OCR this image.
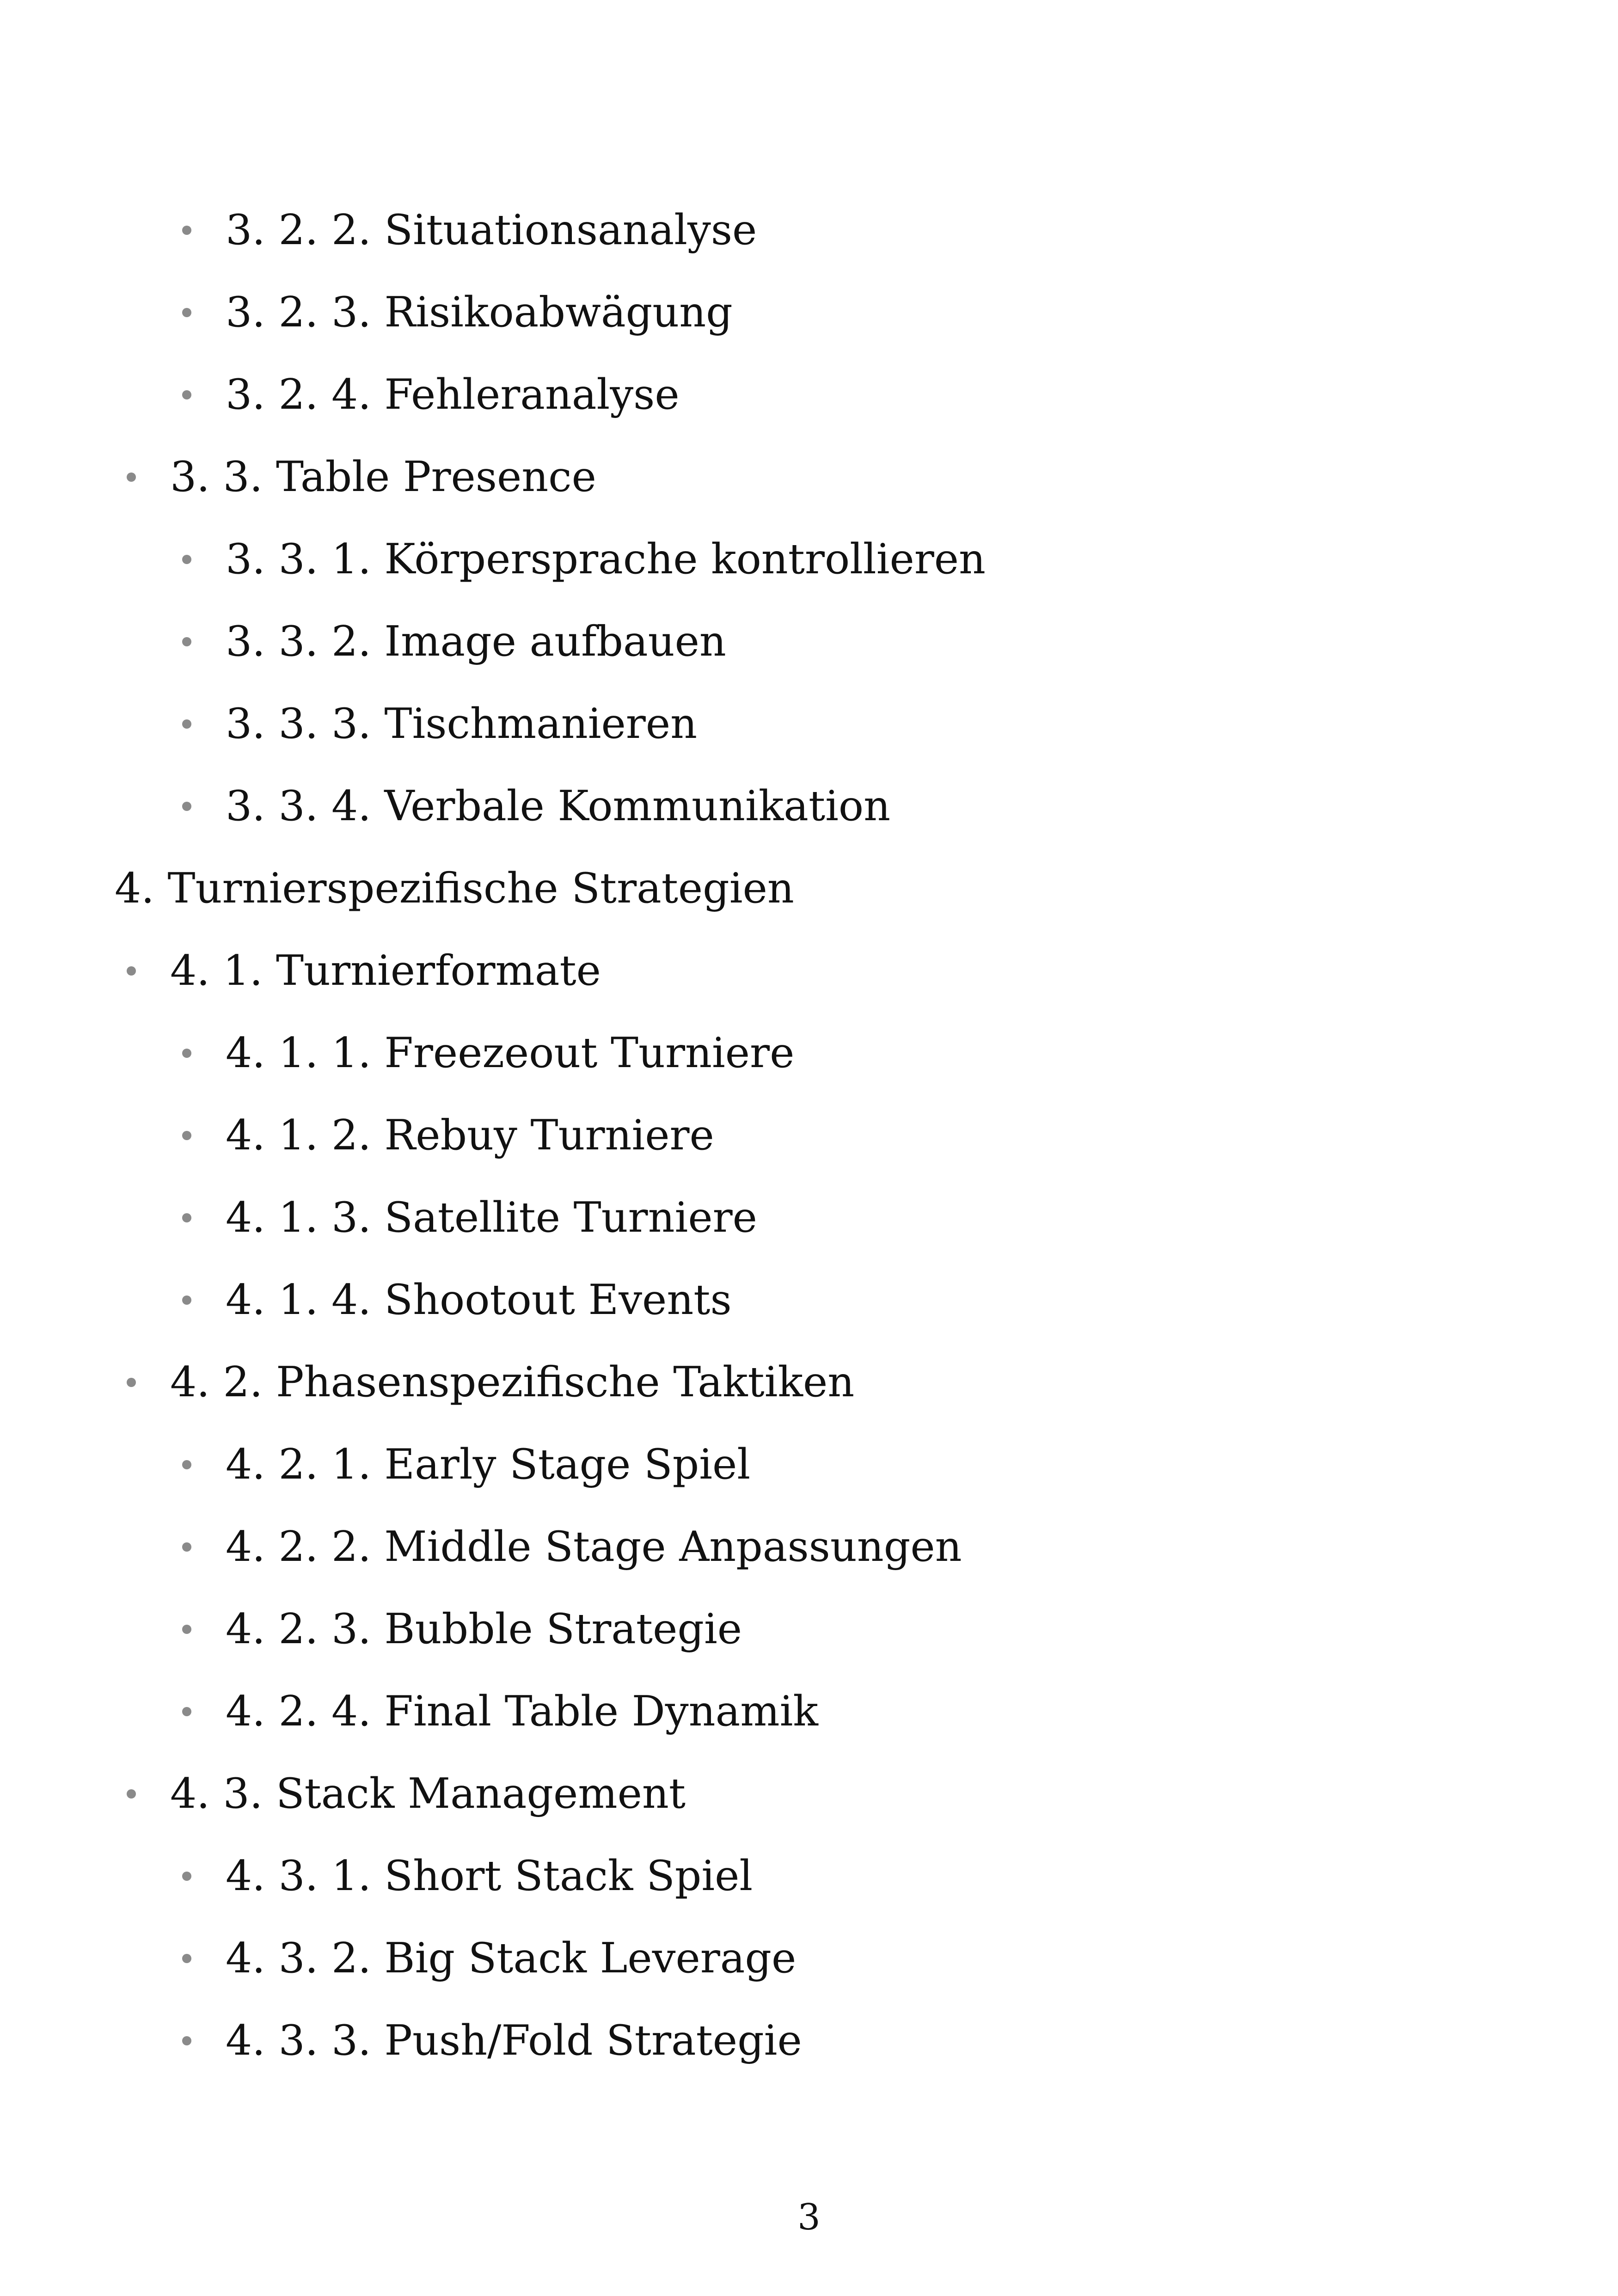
3. 2. 2. Situationsanalyse
3. 2. 3. Risikoabwägung
3. 2. 4. Fehleranalyse
3. 3. Table Presence
3. 3. 1. Körpersprache kontrollieren
3. 3. 2. Image aufbauen
3. 3. 3. Tischmanieren
3. 3. 4. Verbale Kommunikation
4. Turnierspezifische Strategien
4. 1. Turnierformate
4. 1. 1. Freezeout Turniere
4. 1. 2. Rebuy Turniere
4. 1. 3. Satellite Turniere
4. 1. 4. Shootout Events
4. 2. Phasenspezifische Taktiken
4. 2. 1. Early Stage Spiel
4. 2. 2. Middle Stage Anpassungen
4. 2. 3. Bubble Strategie
4. 2. 4. Final Table Dynamik
4. 3. Stack Management
4. 3. 1. Short Stack Spiel
4. 3. 2. Big Stack Leverage
4. 3. 3. Push/Fold Strategie
3
